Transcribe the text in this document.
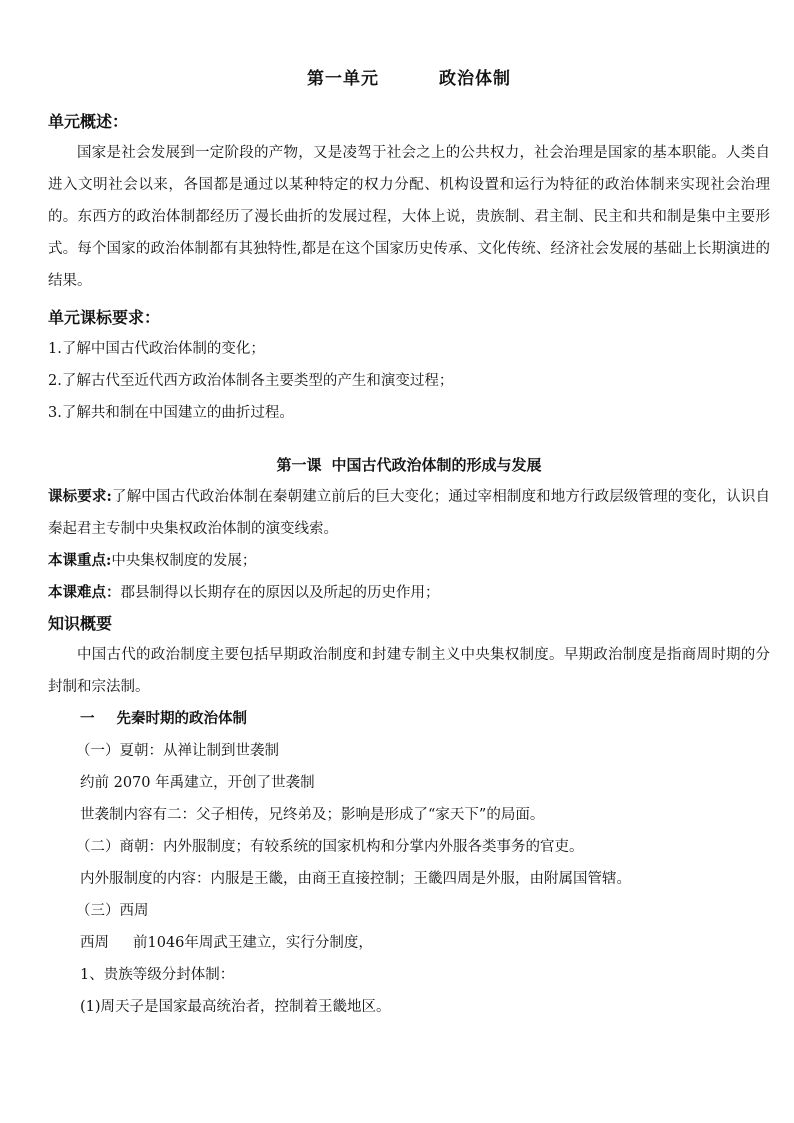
第一单元	政治体制
单元概述：

国家是社会发展到一定阶段的产物，又是凌驾于社会之上的公共权力，社会治理是国家的基本职能。人类自进入文明社会以来，各国都是通过以某种特定的权力分配、机构设置和运行为特征的政治体制来实现社会治理的。东西方的政治体制都经历了漫长曲折的发展过程，大体上说，贵族制、君主制、民主和共和制是集中主要形式。每个国家的政治体制都有其独特性,都是在这个国家历史传承、文化传统、经济社会发展的基础上长期演进的结果。

单元课标要求：

1.了解中国古代政治体制的变化；

2.了解古代至近代西方政治体制各主要类型的产生和演变过程；

3.了解共和制在中国建立的曲折过程。

第一课 中国古代政治体制的形成与发展

课标要求:了解中国古代政治体制在秦朝建立前后的巨大变化；通过宰相制度和地方行政层级管理的变化，认识自秦起君主专制中央集权政治体制的演变线索。

本课重点:中央集权制度的发展；

本课难点：郡县制得以长期存在的原因以及所起的历史作用；

知识概要

中国古代的政治制度主要包括早期政治制度和封建专制主义中央集权制度。早期政治制度是指商周时期的分封制和宗法制。

一 先秦时期的政治体制

（一）夏朝：从禅让制到世袭制

约前 2070 年禹建立，开创了世袭制

世袭制内容有二：父子相传，兄终弟及；影响是形成了“家天下”的局面。

（二）商朝：内外服制度；有较系统的国家机构和分掌内外服各类事务的官吏。

内外服制度的内容：内服是王畿，由商王直接控制；王畿四周是外服，由附属国管辖。

（三）西周

西周 前1046年周武王建立，实行分制度，

1、贵族等级分封体制：

(1)周天子是国家最高统治者，控制着王畿地区。
